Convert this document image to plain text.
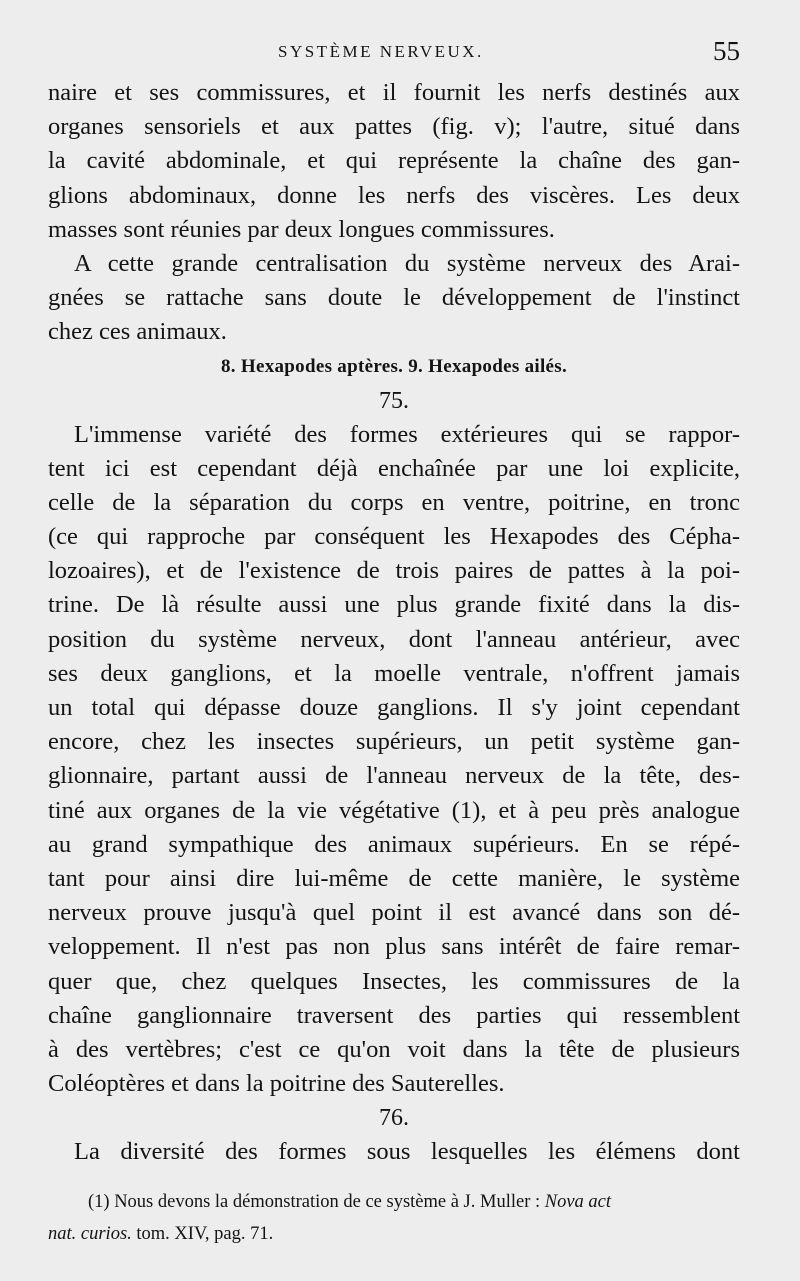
SYSTÈME NERVEUX.	55
naire et ses commissures, et il fournit les nerfs destinés aux
organes sensoriels et aux pattes (fig. v); l'autre, situé dans
la cavité abdominale, et qui représente la chaîne des gan-
glions abdominaux, donne les nerfs des viscères. Les deux
masses sont réunies par deux longues commissures.
A cette grande centralisation du système nerveux des Arai-
gnées se rattache sans doute le développement de l'instinct
chez ces animaux.
8. Hexapodes aptères. 9. Hexapodes ailés.
75.
L'immense variété des formes extérieures qui se rappor-
tent ici est cependant déjà enchaînée par une loi explicite,
celle de la séparation du corps en ventre, poitrine, en tronc
(ce qui rapproche par conséquent les Hexapodes des Cépha-
lozoaires), et de l'existence de trois paires de pattes à la poi-
trine. De là résulte aussi une plus grande fixité dans la dis-
position du système nerveux, dont l'anneau antérieur, avec
ses deux ganglions, et la moelle ventrale, n'offrent jamais
un total qui dépasse douze ganglions. Il s'y joint cependant
encore, chez les insectes supérieurs, un petit système gan-
glionnaire, partant aussi de l'anneau nerveux de la tête, des-
tiné aux organes de la vie végétative (1), et à peu près analogue
au grand sympathique des animaux supérieurs. En se répé-
tant pour ainsi dire lui-même de cette manière, le système
nerveux prouve jusqu'à quel point il est avancé dans son dé-
veloppement. Il n'est pas non plus sans intérêt de faire remar-
quer que, chez quelques Insectes, les commissures de la
chaîne ganglionnaire traversent des parties qui ressemblent
à des vertèbres; c'est ce qu'on voit dans la tête de plusieurs
Coléoptères et dans la poitrine des Sauterelles.
76.
La diversité des formes sous lesquelles les élémens dont
(1) Nous devons la démonstration de ce système à J. Muller : Nova act
nat. curios. tom. XIV, pag. 71.
